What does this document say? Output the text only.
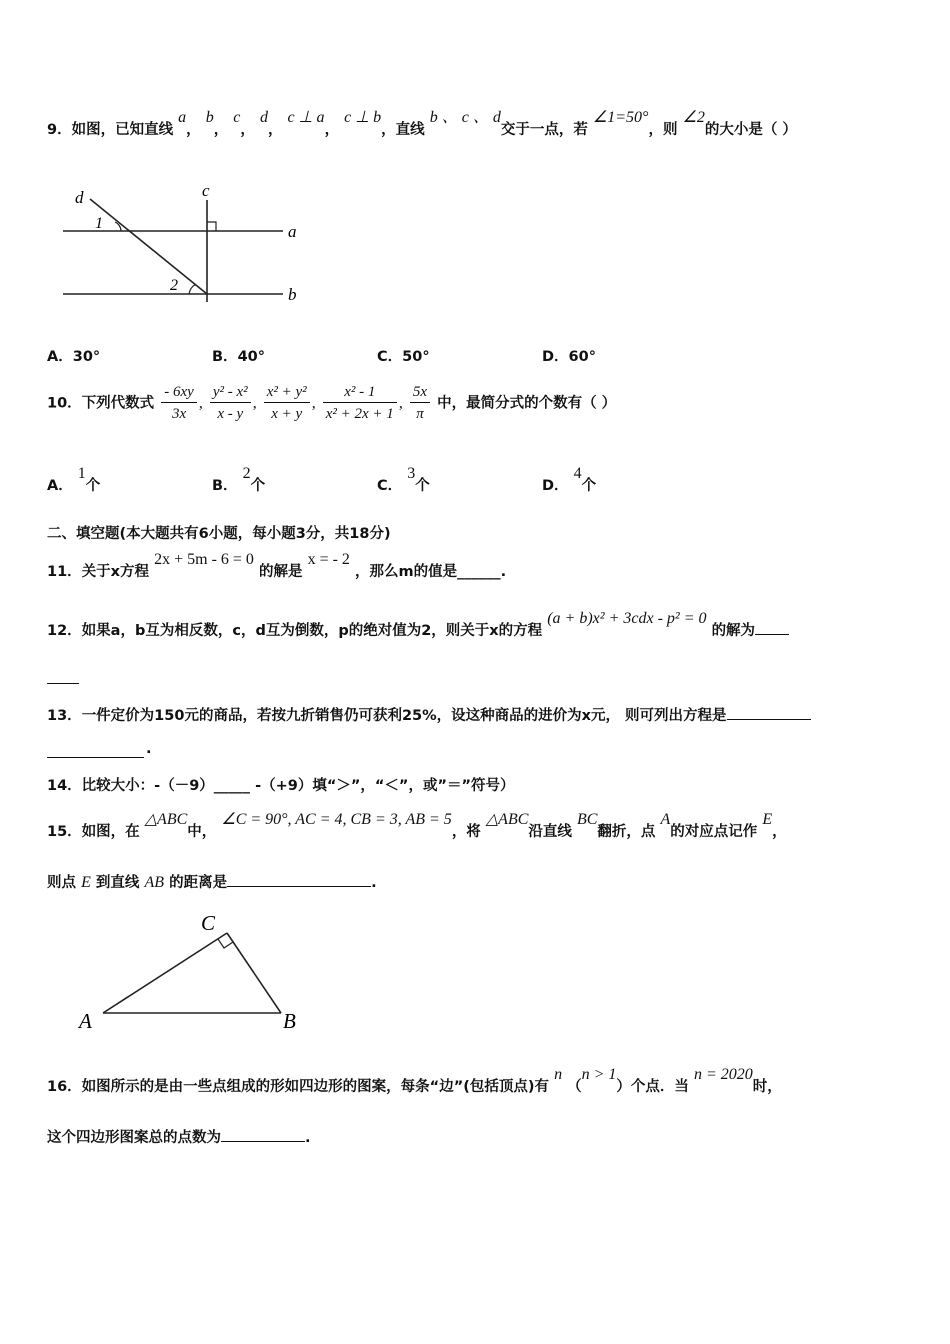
9．如图，已知直线 a， b， c， d， c ⊥ a， c ⊥ b，直线 b 、 c 、 d交于一点，若 ∠1=50°，则 ∠2的大小是（ ）
d
1
c
a
2	b
A．30°	B．40°	C．50°	D．60°
10．下列代数式 $\frac{- 6xy}{3x}$ , $\frac{\text{y² - x²}}{x - y}$ , $\frac{\text{x² + y²}}{x + y}$ , $\frac{\text{x² - 1}}{\text{x² + 2x + 1}}$ , $\frac{5x}{\pi}$ 中，最简分式的个数有（ ）
A． 1个	B． 2个	C． 3个	D． 4个
二、填空题(本大题共有6小题，每小题3分，共18分)
11．关于x方程 2x + 5m - 6 = 0 的解是 x = - 2 ，那么m的值是______.
12．如果a，b互为相反数，c，d互为倒数，p的绝对值为2，则关于x的方程 (a + b)x² + 3cdx - p² = 0 的解为
13．一件定价为150元的商品，若按九折销售仍可获利25%，设这种商品的进价为x元， 则可列出方程是
.
14．比较大小：-（－9）_____ -（+9）填“＞”，“＜”，或”＝”符号）
15．如图，在 △ABC中， ∠C = 90°, AC = 4, CB = 3, AB = 5，将 △ABC沿直线 BC翻折，点 A的对应点记作 E，
则点 E 到直线 AB 的距离是	.
C
A	B
16．如图所示的是由一些点组成的形如四边形的图案，每条“边”(包括顶点)有 n （n > 1）个点．当 n = 2020时，
这个四边形图案总的点数为	.
